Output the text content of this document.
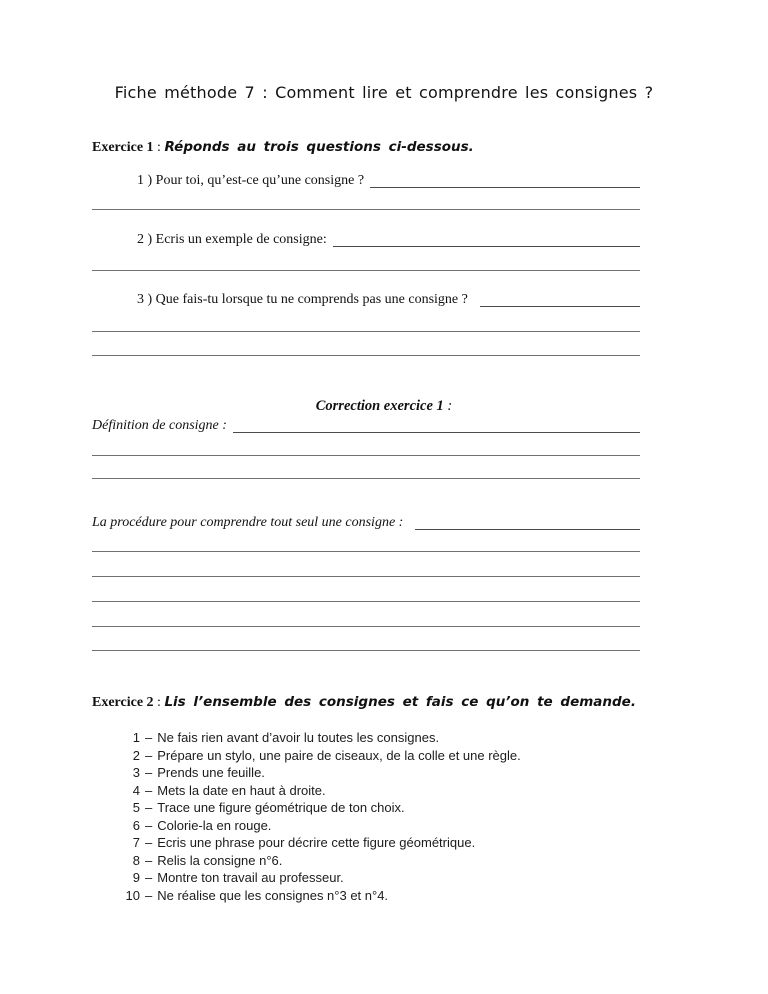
Fiche méthode 7 : Comment lire et comprendre les consignes ?
Exercice 1 : Réponds au trois questions ci-dessous.
1 ) Pour toi, qu’est-ce qu’une consigne ?
2 ) Ecris un exemple de consigne:
3 ) Que fais-tu lorsque tu ne comprends pas une consigne ?
Correction exercice 1 :
Définition de consigne :
La procédure pour comprendre tout seul une consigne :
Exercice 2 : Lis l’ensemble des consignes et fais ce qu’on te demande.
1 – Ne fais rien avant d’avoir lu toutes les consignes.
2 – Prépare un stylo, une paire de ciseaux, de la colle et une règle.
3 – Prends une feuille.
4 – Mets la date en haut à droite.
5 – Trace une figure géométrique de ton choix.
6 – Colorie-la en rouge.
7 – Ecris une phrase pour décrire cette figure géométrique.
8 – Relis la consigne n°6.
9 – Montre ton travail au professeur.
10 – Ne réalise que les consignes n°3 et n°4.
